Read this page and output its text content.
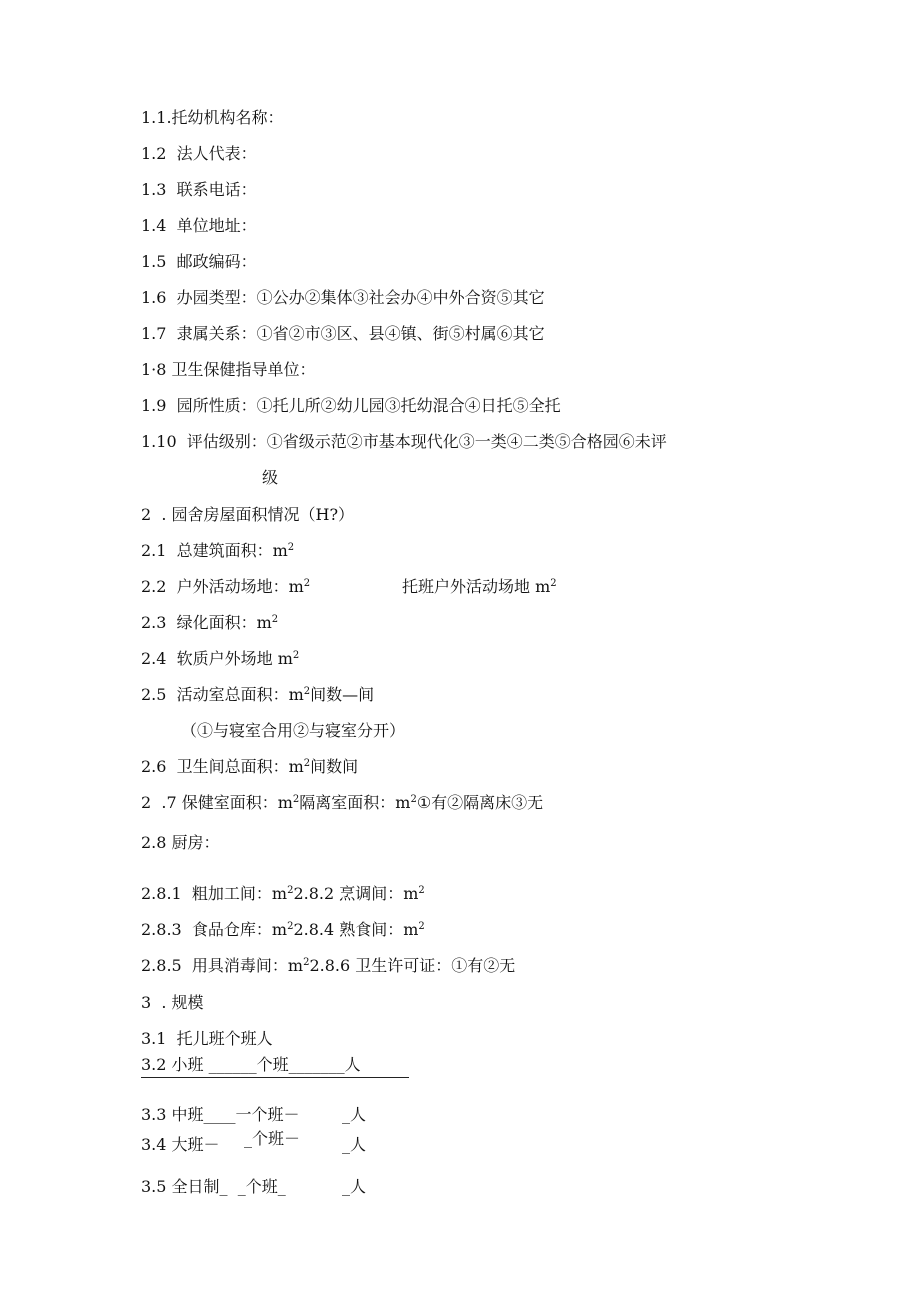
1.1.托幼机构名称：
1.2  法人代表：
1.3  联系电话：
1.4  单位地址：
1.5  邮政编码：
1.6  办园类型：①公办②集体③社会办④中外合资⑤其它
1.7  隶属关系：①省②市③区、县④镇、街⑤村属⑥其它
1·8 卫生保健指导单位：
1.9  园所性质：①托儿所②幼儿园③托幼混合④日托⑤全托
1.10  评估级别：①省级示范②市基本现代化③一类④二类⑤合格园⑥未评
级
2  . 园舍房屋面积情况（H?）
2.1  总建筑面积：$m^2$
2.2  户外活动场地：$m^2$	托班户外活动场地 $m^2$
2.3  绿化面积：$m^2$
2.4  软质户外场地 $m^2$
2.5  活动室总面积：$m^2$间数—间
（①与寝室合用②与寝室分开）
2.6  卫生间总面积：$m^2$间数间
2  .7 保健室面积：$m^2$隔离室面积：$m^2①$有②隔离床③无
2.8 厨房：
2.8.1  粗加工间：$m^22.8.2$ 烹调间：$m^2$
2.8.3  食品仓库：$m^22.8.4$ 熟食间：$m^2$
2.8.5  用具消毒间：$m^22.8.6$ 卫生许可证：①有②无
3  . 规模
3.1  托儿班个班人
3.2 小班 ______个班_______人
3.3 中班____一个班－	_人
3.4 大班－ _个班－	_人
3.5 全日制_  _个班_	_人
